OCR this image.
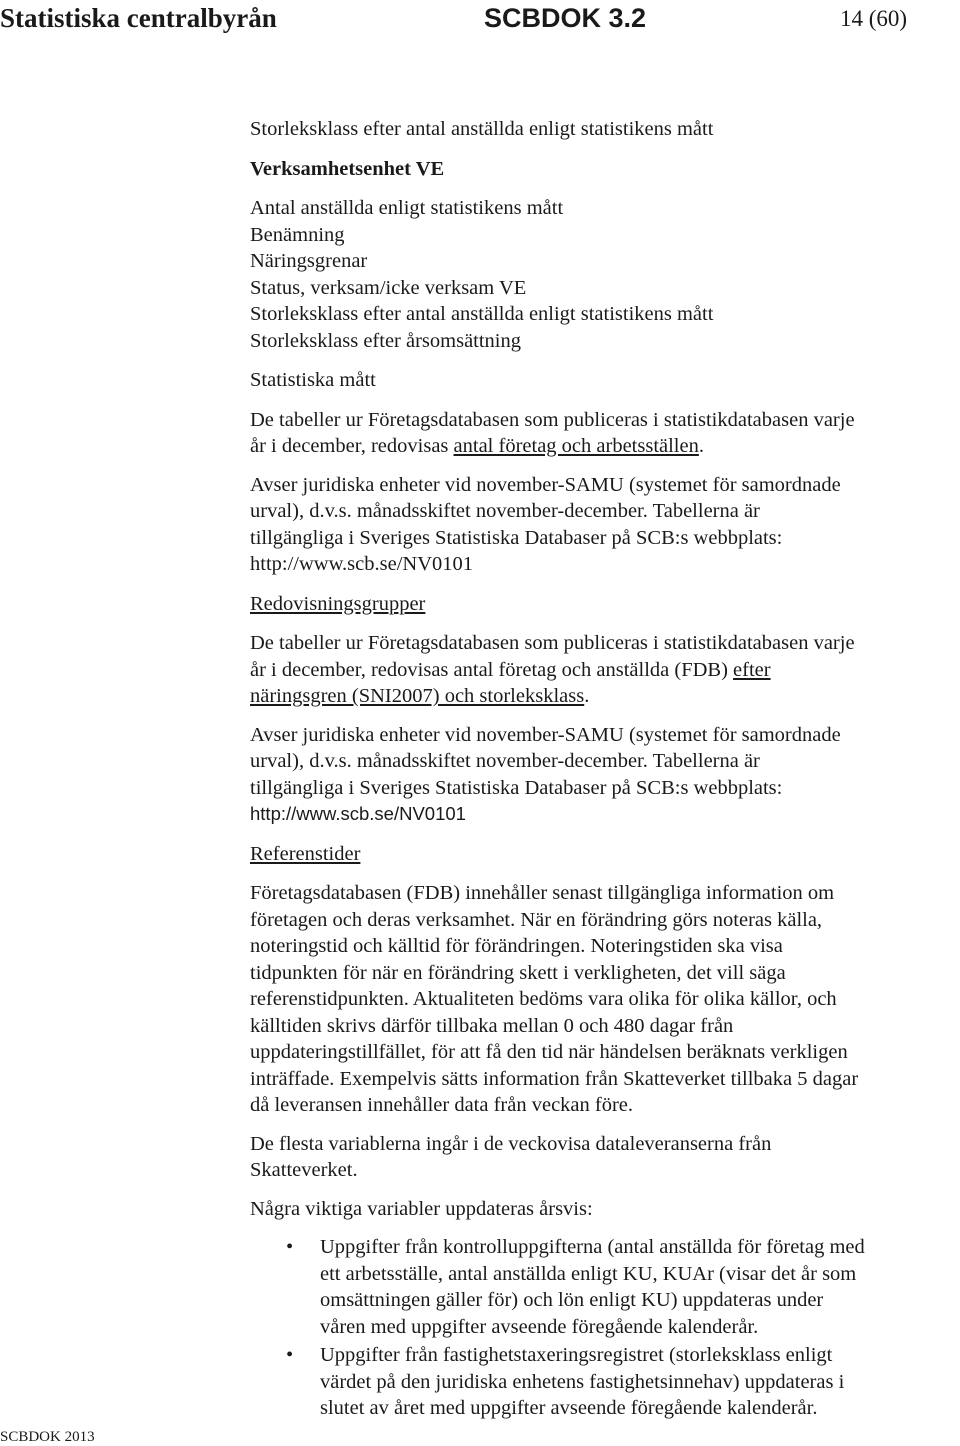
Statistiska centralbyrån	SCBDOK 3.2	14 (60)
Storleksklass efter antal anställda enligt statistikens mått
Verksamhetsenhet VE
Antal anställda enligt statistikens mått
Benämning
Näringsgrenar
Status, verksam/icke verksam VE
Storleksklass efter antal anställda enligt statistikens mått
Storleksklass efter årsomsättning
Statistiska mått
De tabeller ur Företagsdatabasen som publiceras i statistikdatabasen varje
år i december, redovisas antal företag och arbetsställen.
Avser juridiska enheter vid november-SAMU (systemet för samordnade
urval), d.v.s. månadsskiftet november-december. Tabellerna är
tillgängliga i Sveriges Statistiska Databaser på SCB:s webbplats:
http://www.scb.se/NV0101
Redovisningsgrupper
De tabeller ur Företagsdatabasen som publiceras i statistikdatabasen varje
år i december, redovisas antal företag och anställda (FDB) efter
näringsgren (SNI2007) och storleksklass.
Avser juridiska enheter vid november-SAMU (systemet för samordnade
urval), d.v.s. månadsskiftet november-december. Tabellerna är
tillgängliga i Sveriges Statistiska Databaser på SCB:s webbplats:
http://www.scb.se/NV0101
Referenstider
Företagsdatabasen (FDB) innehåller senast tillgängliga information om
företagen och deras verksamhet. När en förändring görs noteras källa,
noteringstid och källtid för förändringen. Noteringstiden ska visa
tidpunkten för när en förändring skett i verkligheten, det vill säga
referenstidpunkten. Aktualiteten bedöms vara olika för olika källor, och
källtiden skrivs därför tillbaka mellan 0 och 480 dagar från
uppdateringstillfället, för att få den tid när händelsen beräknats verkligen
inträffade. Exempelvis sätts information från Skatteverket tillbaka 5 dagar
då leveransen innehåller data från veckan före.
De flesta variablerna ingår i de veckovisa dataleveranserna från
Skatteverket.
Några viktiga variabler uppdateras årsvis:
• Uppgifter från kontrolluppgifterna (antal anställda för företag med
ett arbetsställe, antal anställda enligt KU, KUAr (visar det år som
omsättningen gäller för) och lön enligt KU) uppdateras under
våren med uppgifter avseende föregående kalenderår.
• Uppgifter från fastighetstaxeringsregistret (storleksklass enligt
värdet på den juridiska enhetens fastighetsinnehav) uppdateras i
slutet av året med uppgifter avseende föregående kalenderår.
SCBDOK 2013
